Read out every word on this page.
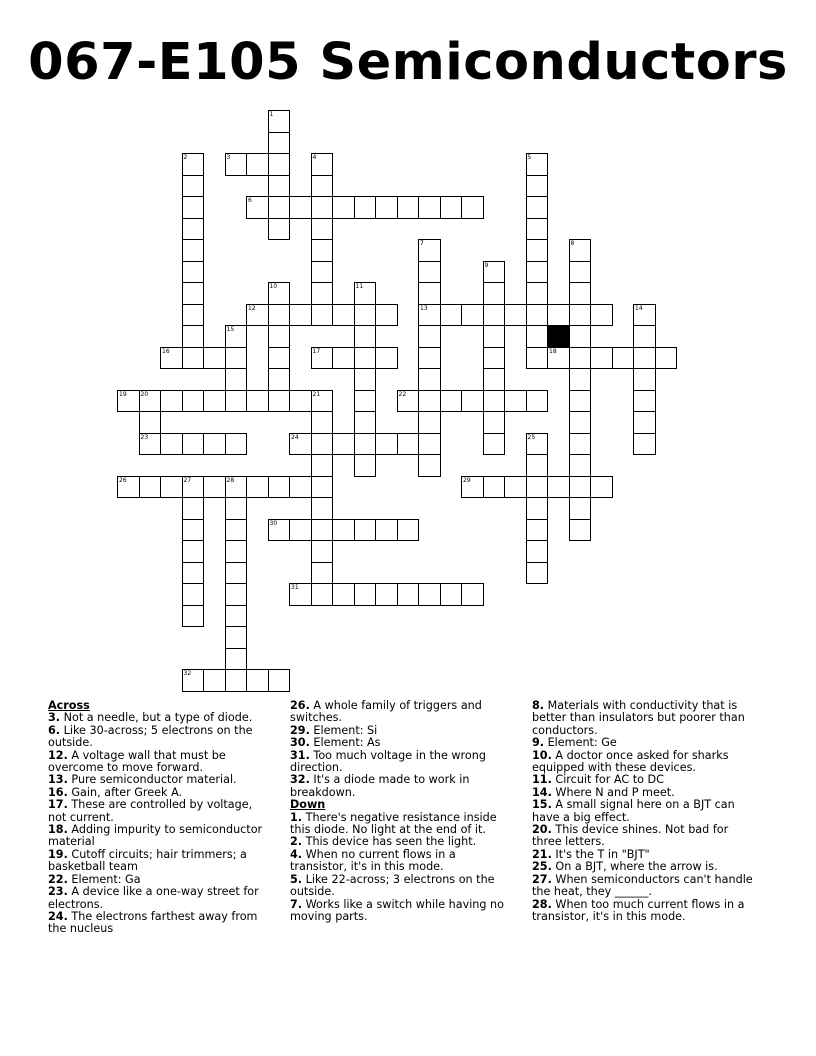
067-E105 Semiconductors
1
2	3	4	5
6
7
13
8
9
10	11
12	14
15
16	17	18
19 20
23
21	22
24	25
26	27	28	29
30
31
32
Across

3. Not a needle, but a type of diode.

6. Like 30-across; 5 electrons on the outside.

12. A voltage wall that must be overcome to move forward.

13. Pure semiconductor material.

16. Gain, after Greek A.

17. These are controlled by voltage, not current.

18. Adding impurity to semiconductor material

19. Cutoff circuits; hair trimmers; a basketball team

22. Element: Ga

23. A device like a one-way street for electrons.

24. The electrons farthest away from the nucleus

26. A whole family of triggers and switches.

29. Element: Si

30. Element: As

31. Too much voltage in the wrong direction.

32. It's a diode made to work in breakdown.

Down

1. There's negative resistance inside this diode. No light at the end of it.

2. This device has seen the light.

4. When no current flows in a transistor, it's in this mode.

5. Like 22-across; 3 electrons on the outside.

7. Works like a switch while having no moving parts.

8. Materials with conductivity that is better than insulators but poorer than conductors.

9. Element: Ge

10. A doctor once asked for sharks equipped with these devices.

11. Circuit for AC to DC

14. Where N and P meet.

15. A small signal here on a BJT can have a big effect.

20. This device shines. Not bad for three letters.

21. It's the T in "BJT"

25. On a BJT, where the arrow is.

27. When semiconductors can't handle the heat, they ______.

28. When too much current flows in a transistor, it's in this mode.
